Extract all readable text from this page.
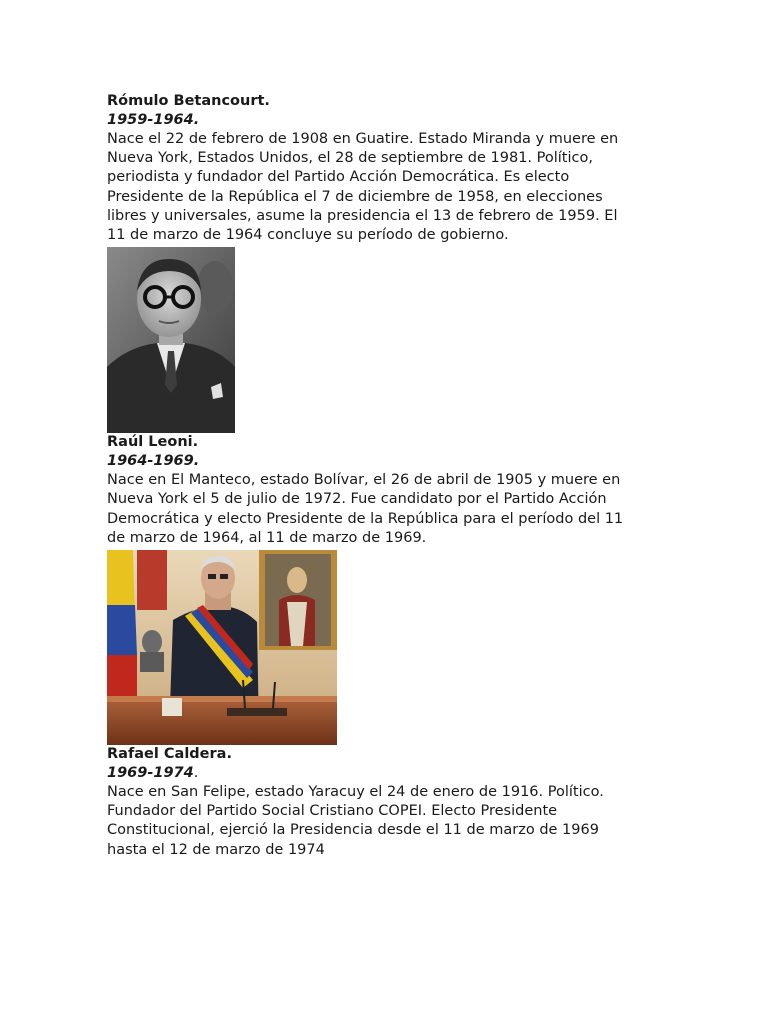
Rómulo Betancourt.

1959-1964.

Nace el 22 de febrero de 1908 en Guatire. Estado Miranda y muere en
Nueva York, Estados Unidos, el 28 de septiembre de 1981. Político,
periodista y fundador del Partido Acción Democrática. Es electo
Presidente de la República el 7 de diciembre de 1958, en elecciones
libres y universales, asume la presidencia el 13 de febrero de 1959. El
11 de marzo de 1964 concluye su período de gobierno.

Raúl Leoni.

1964-1969.

Nace en El Manteco, estado Bolívar, el 26 de abril de 1905 y muere en
Nueva York el 5 de julio de 1972. Fue candidato por el Partido Acción
Democrática y electo Presidente de la República para el período del 11
de marzo de 1964, al 11 de marzo de 1969.

Rafael Caldera.

1969-1974.

Nace en San Felipe, estado Yaracuy el 24 de enero de 1916. Político.
Fundador del Partido Social Cristiano COPEI. Electo Presidente
Constitucional, ejerció la Presidencia desde el 11 de marzo de 1969
hasta el 12 de marzo de 1974
